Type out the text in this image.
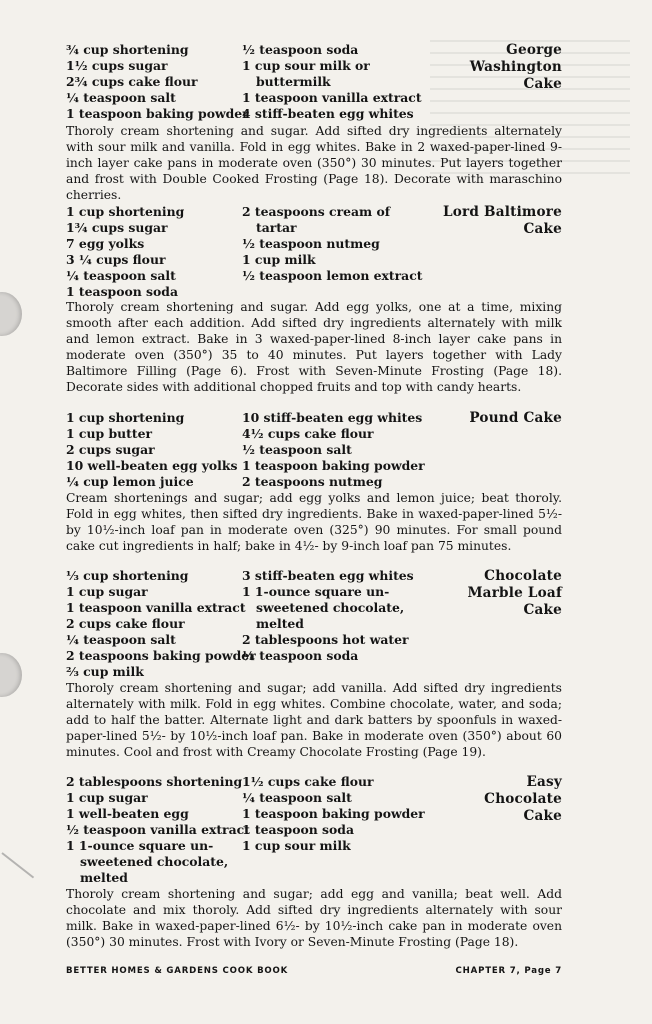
¾ cup shortening
1½ cups sugar
2¾ cups cake flour
¼ teaspoon salt
1 teaspoon baking powder
½ teaspoon soda
1 cup sour milk or
buttermilk
1 teaspoon vanilla extract
4 stiff-beaten egg whites
George
Washington
Cake
Thoroly cream shortening and sugar. Add sifted dry ingredients alternately with sour milk and vanilla. Fold in egg whites. Bake in 2 waxed-paper-lined 9-inch layer cake pans in moderate oven (350°) 30 minutes. Put layers together and frost with Double Cooked Frosting (Page 18). Decorate with maraschino cherries.
1 cup shortening
1¾ cups sugar
7 egg yolks
3 ¼ cups flour
¼ teaspoon salt
1 teaspoon soda
2 teaspoons cream of
tartar
½ teaspoon nutmeg
1 cup milk
½ teaspoon lemon extract
Lord Baltimore
Cake
Thoroly cream shortening and sugar. Add egg yolks, one at a time, mixing smooth after each addition. Add sifted dry ingredients alternately with milk and lemon extract. Bake in 3 waxed-paper-lined 8-inch layer cake pans in moderate oven (350°) 35 to 40 minutes. Put layers together with Lady Baltimore Filling (Page 6). Frost with Seven-Minute Frosting (Page 18). Decorate sides with additional chopped fruits and top with candy hearts.
1 cup shortening
1 cup butter
2 cups sugar
10 well-beaten egg yolks
¼ cup lemon juice
10 stiff-beaten egg whites
4½ cups cake flour
½ teaspoon salt
1 teaspoon baking powder
2 teaspoons nutmeg
Pound Cake
Cream shortenings and sugar; add egg yolks and lemon juice; beat thoroly. Fold in egg whites, then sifted dry ingredients. Bake in waxed-paper-lined 5½- by 10½-inch loaf pan in moderate oven (325°) 90 minutes. For small pound cake cut ingredients in half; bake in 4½- by 9-inch loaf pan 75 minutes.
⅓ cup shortening
1 cup sugar
1 teaspoon vanilla extract
2 cups cake flour
¼ teaspoon salt
2 teaspoons baking powder
⅔ cup milk
3 stiff-beaten egg whites
1 1-ounce square un-
sweetened chocolate,
melted
2 tablespoons hot water
¼ teaspoon soda
Chocolate
Marble Loaf
Cake
Thoroly cream shortening and sugar; add vanilla. Add sifted dry ingredients alternately with milk. Fold in egg whites. Combine chocolate, water, and soda; add to half the batter. Alternate light and dark batters by spoonfuls in waxed-paper-lined 5½- by 10½-inch loaf pan. Bake in moderate oven (350°) about 60 minutes. Cool and frost with Creamy Chocolate Frosting (Page 19).
2 tablespoons shortening
1 cup sugar
1 well-beaten egg
½ teaspoon vanilla extract
1 1-ounce square un-
sweetened chocolate,
melted
1½ cups cake flour
¼ teaspoon salt
1 teaspoon baking powder
1 teaspoon soda
1 cup sour milk
Easy
Chocolate
Cake
Thoroly cream shortening and sugar; add egg and vanilla; beat well. Add chocolate and mix thoroly. Add sifted dry ingredients alternately with sour milk. Bake in waxed-paper-lined 6½- by 10½-inch cake pan in moderate oven (350°) 30 minutes. Frost with Ivory or Seven-Minute Frosting (Page 18).
BETTER HOMES & GARDENS COOK BOOK	CHAPTER 7, Page 7
